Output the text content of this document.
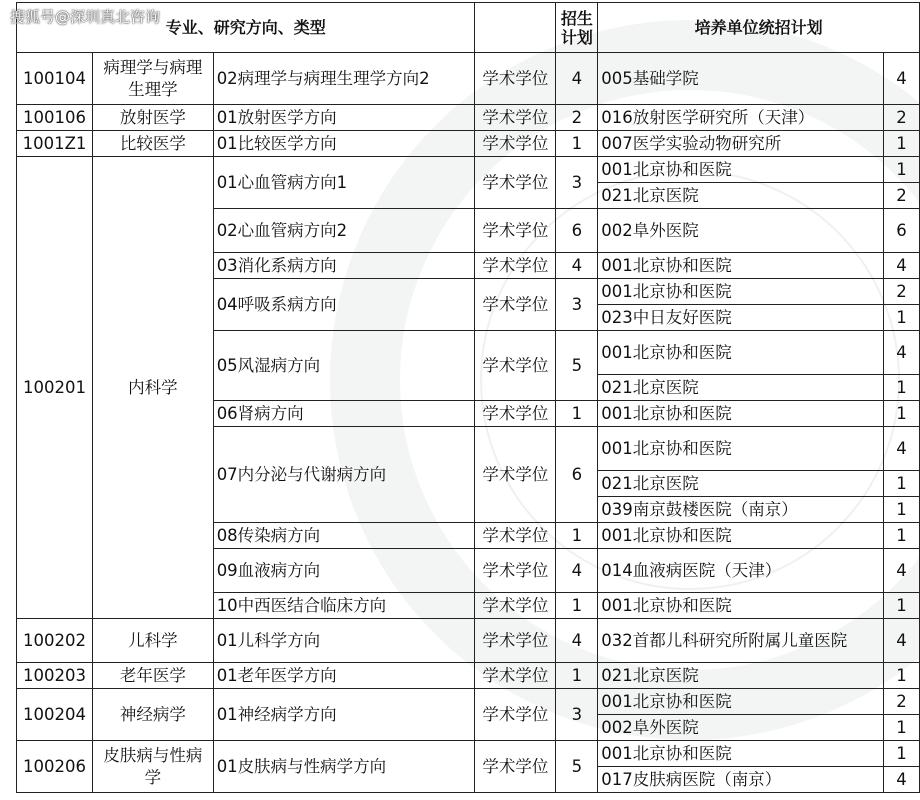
搜狐号@深圳真北咨询
专业、研究方向、类型				招生计划	培养单位统招计划	
100104	病理学与病理生理学	02病理学与病理生理学方向2	学术学位	4	005基础学院	4
100106	放射医学	01放射医学方向	学术学位	2	016放射医学研究所（天津）	2
1001Z1	比较医学	01比较医学方向	学术学位	1	007医学实验动物研究所	1
100201	内科学	01心血管病方向1	学术学位	3	001北京协和医院	1
					021北京医院	2
		02心血管病方向2	学术学位	6	002阜外医院	6
		03消化系病方向	学术学位	4	001北京协和医院	4
		04呼吸系病方向	学术学位	3	001北京协和医院	2
					023中日友好医院	1
		05风湿病方向	学术学位	5	001北京协和医院	4
					021北京医院	1
		06肾病方向	学术学位	1	001北京协和医院	1
		07内分泌与代谢病方向	学术学位	6	001北京协和医院	4
					021北京医院	1
					039南京鼓楼医院（南京）	1
		08传染病方向	学术学位	1	001北京协和医院	1
		09血液病方向	学术学位	4	014血液病医院（天津）	4
		10中西医结合临床方向	学术学位	1	001北京协和医院	1
100202	儿科学	01儿科学方向	学术学位	4	032首都儿科研究所附属儿童医院	4
100203	老年医学	01老年医学方向	学术学位	1	021北京医院	1
100204	神经病学	01神经病学方向	学术学位	3	001北京协和医院	2
					002阜外医院	1
100206	皮肤病与性病学	01皮肤病与性病学方向	学术学位	5	001北京协和医院	1
					017皮肤病医院（南京）	4
